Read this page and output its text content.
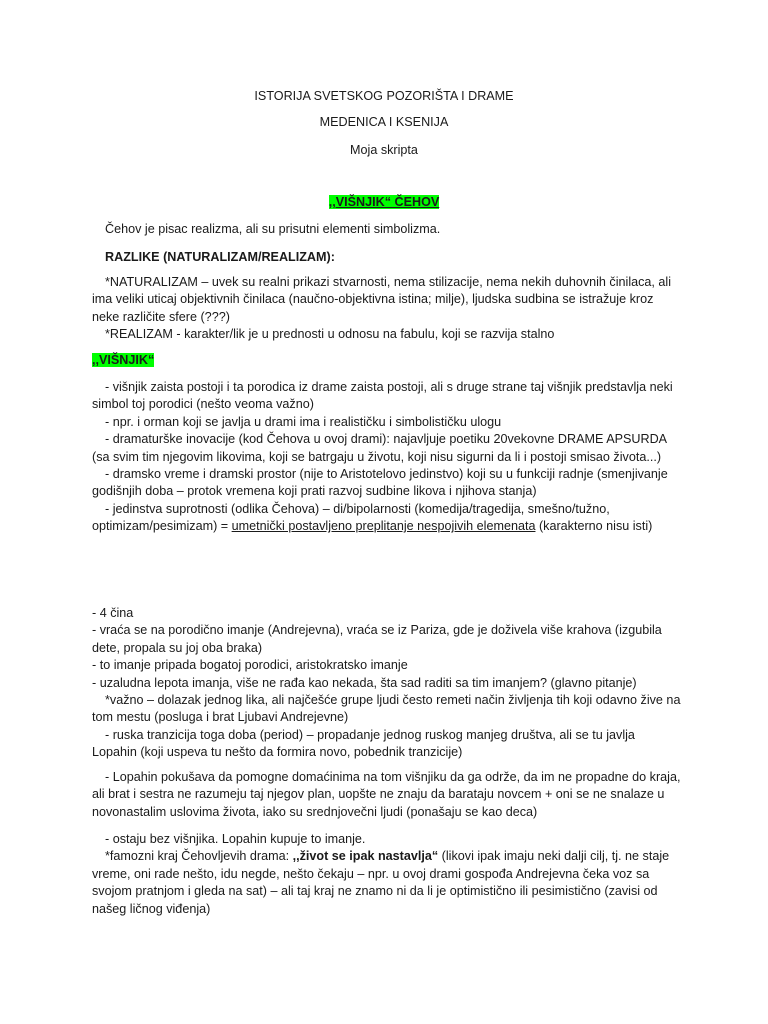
ISTORIJA SVETSKOG POZORIŠTA I DRAME

MEDENICA I KSENIJA

Moja skripta

,,VIŠNJIK“ ČEHOV

Čehov je pisac realizma, ali su prisutni elementi simbolizma.

RAZLIKE (NATURALIZAM/REALIZAM):

*NATURALIZAM – uvek su realni prikazi stvarnosti, nema stilizacije, nema nekih duhovnih činilaca, ali ima veliki uticaj objektivnih činilaca (naučno-objektivna istina; milje), ljudska sudbina se istražuje kroz neke različite sfere (???)

*REALIZAM - karakter/lik je u prednosti u odnosu na fabulu, koji se razvija stalno

,,VIŠNJIK“

- višnjik zaista postoji i ta porodica iz drame zaista postoji, ali s druge strane taj višnjik predstavlja neki simbol toj porodici (nešto veoma važno)

- npr. i orman koji se javlja u drami ima i realističku i simbolističku ulogu

- dramaturške inovacije (kod Čehova u ovoj drami): najavljuje poetiku 20vekovne DRAME APSURDA (sa svim tim njegovim likovima, koji se batrgaju u životu, koji nisu sigurni da li i postoji smisao života...)

- dramsko vreme i dramski prostor (nije to Aristotelovo jedinstvo) koji su u funkciji radnje (smenjivanje godišnjih doba – protok vremena koji prati razvoj sudbine likova i njihova stanja)

- jedinstva suprotnosti (odlika Čehova) – di/bipolarnosti (komedija/tragedija, smešno/tužno, optimizam/pesimizam) = umetnički postavljeno preplitanje nespojivih elemenata (karakterno nisu isti)

- 4 čina

- vraća se na porodično imanje (Andrejevna), vraća se iz Pariza, gde je doživela više krahova (izgubila dete, propala su joj oba braka)

- to imanje pripada bogatoj porodici, aristokratsko imanje

- uzaludna lepota imanja, više ne rađa kao nekada, šta sad raditi sa tim imanjem? (glavno pitanje)

*važno – dolazak jednog lika, ali najčešće grupe ljudi često remeti način življenja tih koji odavno žive na tom mestu (posluga i brat Ljubavi Andrejevne)

- ruska tranzicija toga doba (period) – propadanje jednog ruskog manjeg društva, ali se tu javlja Lopahin (koji uspeva tu nešto da formira novo, pobednik tranzicije)

- Lopahin pokušava da pomogne domaćinima na tom višnjiku da ga održe, da im ne propadne do kraja, ali brat i sestra ne razumeju taj njegov plan, uopšte ne znaju da barataju novcem + oni se ne snalaze u novonastalim uslovima života, iako su srednjovečni ljudi (ponašaju se kao deca)

- ostaju bez višnjika. Lopahin kupuje to imanje.

*famozni kraj Čehovljevih drama: ,,život se ipak nastavlja“ (likovi ipak imaju neki dalji cilj, tj. ne staje vreme, oni rade nešto, idu negde, nešto čekaju – npr. u ovoj drami gospođa Andrejevna čeka voz sa svojom pratnjom i gleda na sat) – ali taj kraj ne znamo ni da li je optimistično ili pesimistično (zavisi od našeg ličnog viđenja)
